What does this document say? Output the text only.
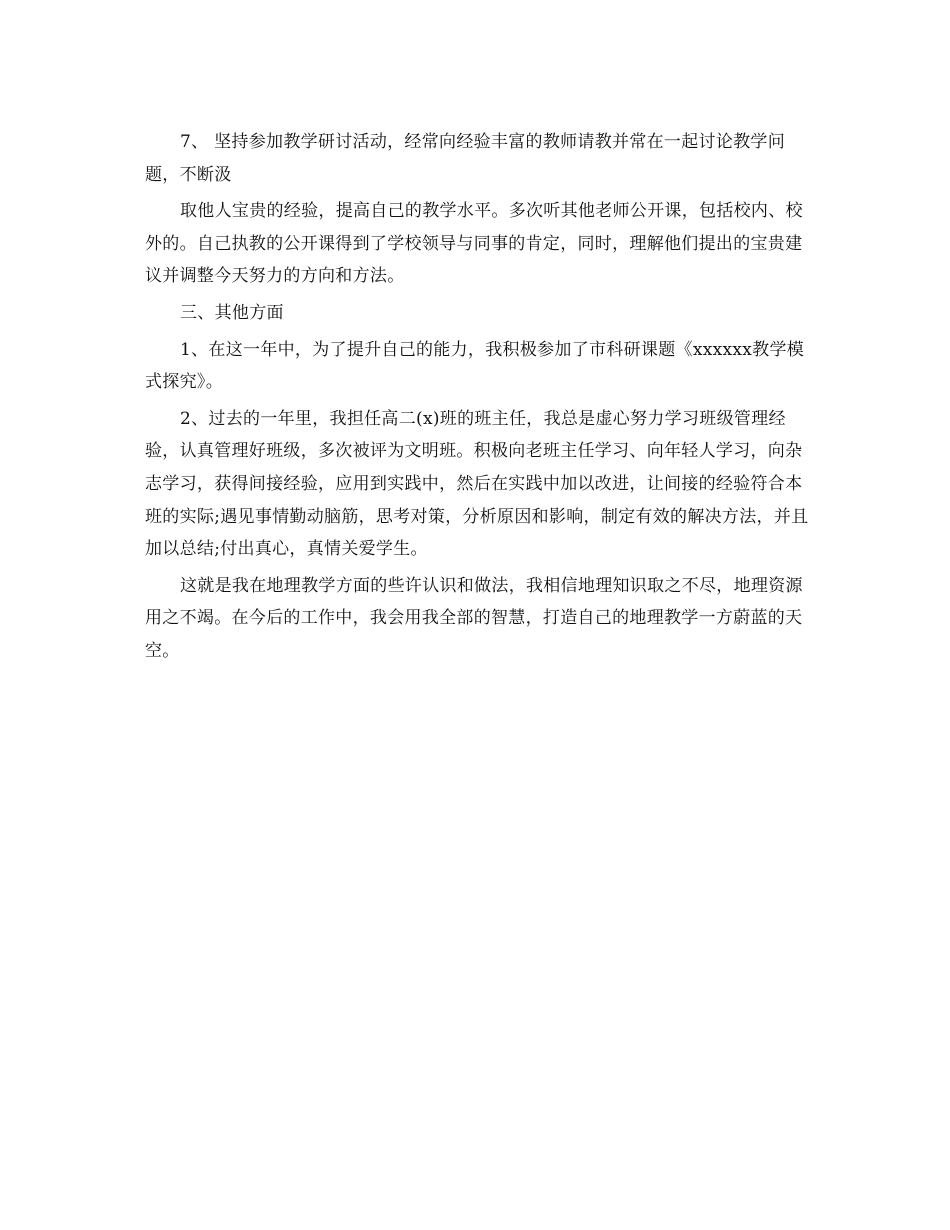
7、 坚持参加教学研讨活动，经常向经验丰富的教师请教并常在一起讨论教学问题，不断汲

取他人宝贵的经验，提高自己的教学水平。多次听其他老师公开课，包括校内、校外的。自己执教的公开课得到了学校领导与同事的肯定，同时，理解他们提出的宝贵建议并调整今天努力的方向和方法。

三、其他方面

1、在这一年中，为了提升自己的能力，我积极参加了市科研课题《xxxxxx教学模式探究》。

2、过去的一年里，我担任高二(x)班的班主任，我总是虚心努力学习班级管理经验，认真管理好班级，多次被评为文明班。积极向老班主任学习、向年轻人学习，向杂志学习，获得间接经验，应用到实践中，然后在实践中加以改进，让间接的经验符合本班的实际;遇见事情勤动脑筋，思考对策，分析原因和影响，制定有效的解决方法，并且加以总结;付出真心，真情关爱学生。

这就是我在地理教学方面的些许认识和做法，我相信地理知识取之不尽，地理资源用之不竭。在今后的工作中，我会用我全部的智慧，打造自己的地理教学一方蔚蓝的天空。
